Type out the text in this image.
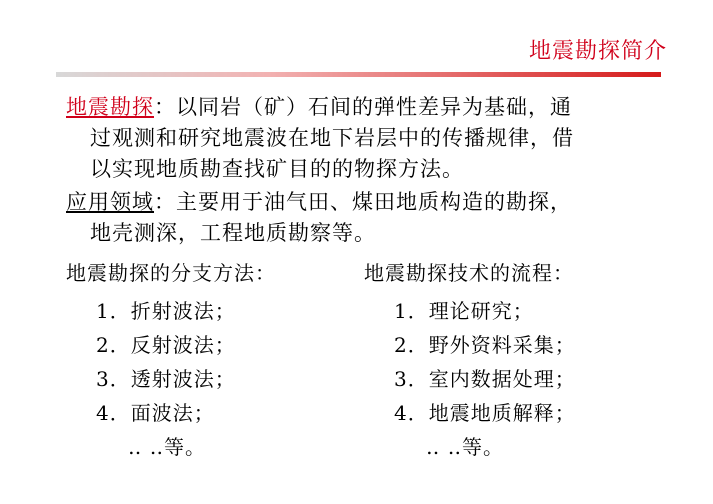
地震勘探简介
地震勘探：以同岩（矿）石间的弹性差异为基础，通
过观测和研究地震波在地下岩层中的传播规律，借
以实现地质勘查找矿目的的物探方法。
应用领域：主要用于油气田、煤田地质构造的勘探，
地壳测深，工程地质勘察等。
地震勘探的分支方法：
1．折射波法；
2．反射波法；
3．透射波法；
4．面波法；
‥ ‥等。
地震勘探技术的流程：
1．理论研究；
2．野外资料采集；
3．室内数据处理；
4．地震地质解释；
‥ ‥等。
